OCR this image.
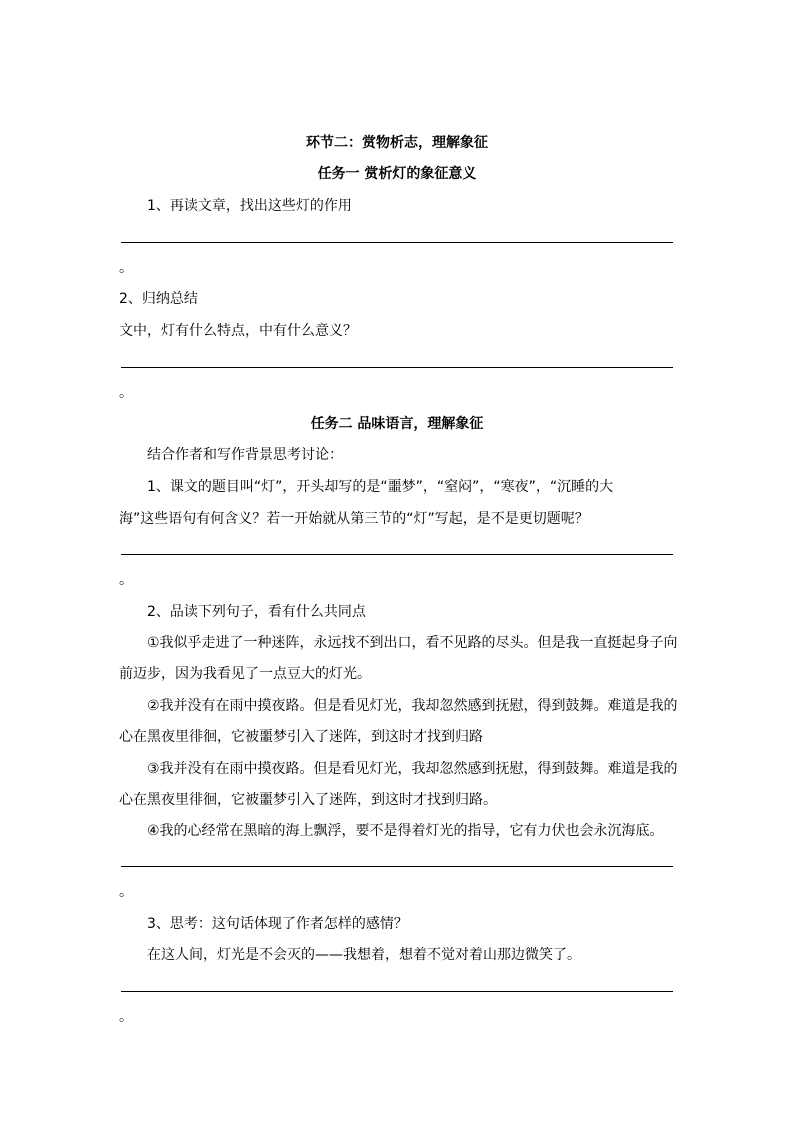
环节二：赏物析志，理解象征
任务一 赏析灯的象征意义
1、再读文章，找出这些灯的作用
。
2、归纳总结
文中，灯有什么特点，中有什么意义？
。
任务二 品味语言，理解象征
结合作者和写作背景思考讨论：
1、课文的题目叫“灯”，开头却写的是“噩梦”，“窒闷”，“寒夜”，“沉睡的大
海”这些语句有何含义？若一开始就从第三节的“灯”写起，是不是更切题呢？
。
2、品读下列句子，看有什么共同点
①我似乎走进了一种迷阵，永远找不到出口，看不见路的尽头。但是我一直挺起身子向
前迈步，因为我看见了一点豆大的灯光。
②我并没有在雨中摸夜路。但是看见灯光，我却忽然感到抚慰，得到鼓舞。难道是我的
心在黑夜里徘徊，它被噩梦引入了迷阵，到这时才找到归路
③我并没有在雨中摸夜路。但是看见灯光，我却忽然感到抚慰，得到鼓舞。难道是我的
心在黑夜里徘徊，它被噩梦引入了迷阵，到这时才找到归路。
④我的心经常在黑暗的海上飘浮，要不是得着灯光的指导，它有力伏也会永沉海底。
。
3、思考：这句话体现了作者怎样的感情？
在这人间，灯光是不会灭的——我想着，想着不觉对着山那边微笑了。
。
